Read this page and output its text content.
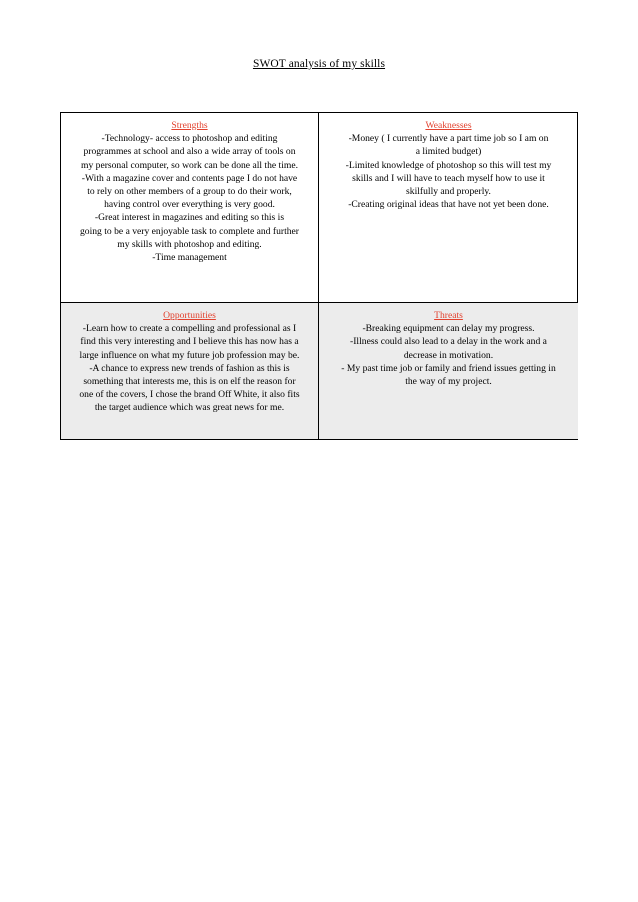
SWOT analysis of my skills
Strengths
-Technology- access to photoshop and editing
programmes at school and also a wide array of tools on
my personal computer, so work can be done all the time.
-With a magazine cover and contents page I do not have
to rely on other members of a group to do their work,
having control over everything is very good.
-Great interest in magazines and editing so this is
going to be a very enjoyable task to complete and further
my skills with photoshop and editing.
-Time management
Weaknesses
-Money ( I currently have a part time job so I am on
a limited budget)
-Limited knowledge of photoshop so this will test my
skills and I will have to teach myself how to use it
skilfully and properly.
-Creating original ideas that have not yet been done.
Opportunities
-Learn how to create a compelling and professional as I
find this very interesting and I believe this has now has a
large influence on what my future job profession may be.
-A chance to express new trends of fashion as this is
something that interests me, this is on elf the reason for
one of the covers, I chose the brand Off White, it also fits
the target audience which was great news for me.
Threats
-Breaking equipment can delay my progress.
-Illness could also lead to a delay in the work and a
decrease in motivation.
- My past time job or family and friend issues getting in
the way of my project.
